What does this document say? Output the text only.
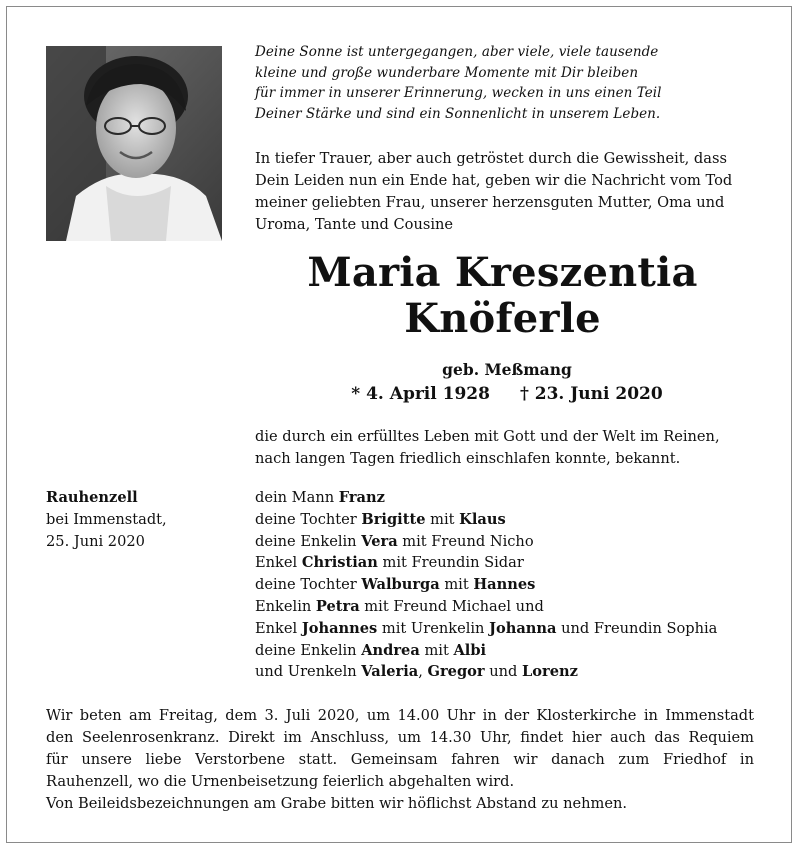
Deine Sonne ist untergegangen, aber viele, viele tausende
kleine und große wunderbare Momente mit Dir bleiben
für immer in unserer Erinnerung, wecken in uns einen Teil
Deiner Stärke und sind ein Sonnenlicht in unserem Leben.

In tiefer Trauer, aber auch getröstet durch die Gewissheit, dass
Dein Leiden nun ein Ende hat, geben wir die Nachricht vom Tod
meiner geliebten Frau, unserer herzensguten Mutter, Oma und
Uroma, Tante und Cousine

Maria Kreszentia
Knöferle

geb. Meßmang

* 4. April 1928 † 23. Juni 2020

die durch ein erfülltes Leben mit Gott und der Welt im Reinen,
nach langen Tagen friedlich einschlafen konnte, bekannt.

Rauhenzell
bei Immenstadt,
25. Juni 2020

dein Mann Franz
deine Tochter Brigitte mit Klaus
deine Enkelin Vera mit Freund Nicho
Enkel Christian mit Freundin Sidar
deine Tochter Walburga mit Hannes
Enkelin Petra mit Freund Michael und
Enkel Johannes mit Urenkelin Johanna und Freundin Sophia
deine Enkelin Andrea mit Albi
und Urenkeln Valeria, Gregor und Lorenz

Wir beten am Freitag, dem 3. Juli 2020, um 14.00 Uhr in der Klosterkirche in Immenstadt
den Seelenrosenkranz. Direkt im Anschluss, um 14.30 Uhr, findet hier auch das Requiem
für unsere liebe Verstorbene statt. Gemeinsam fahren wir danach zum Friedhof in
Rauhenzell, wo die Urnenbeisetzung feierlich abgehalten wird.
Von Beileidsbezeichnungen am Grabe bitten wir höflichst Abstand zu nehmen.
